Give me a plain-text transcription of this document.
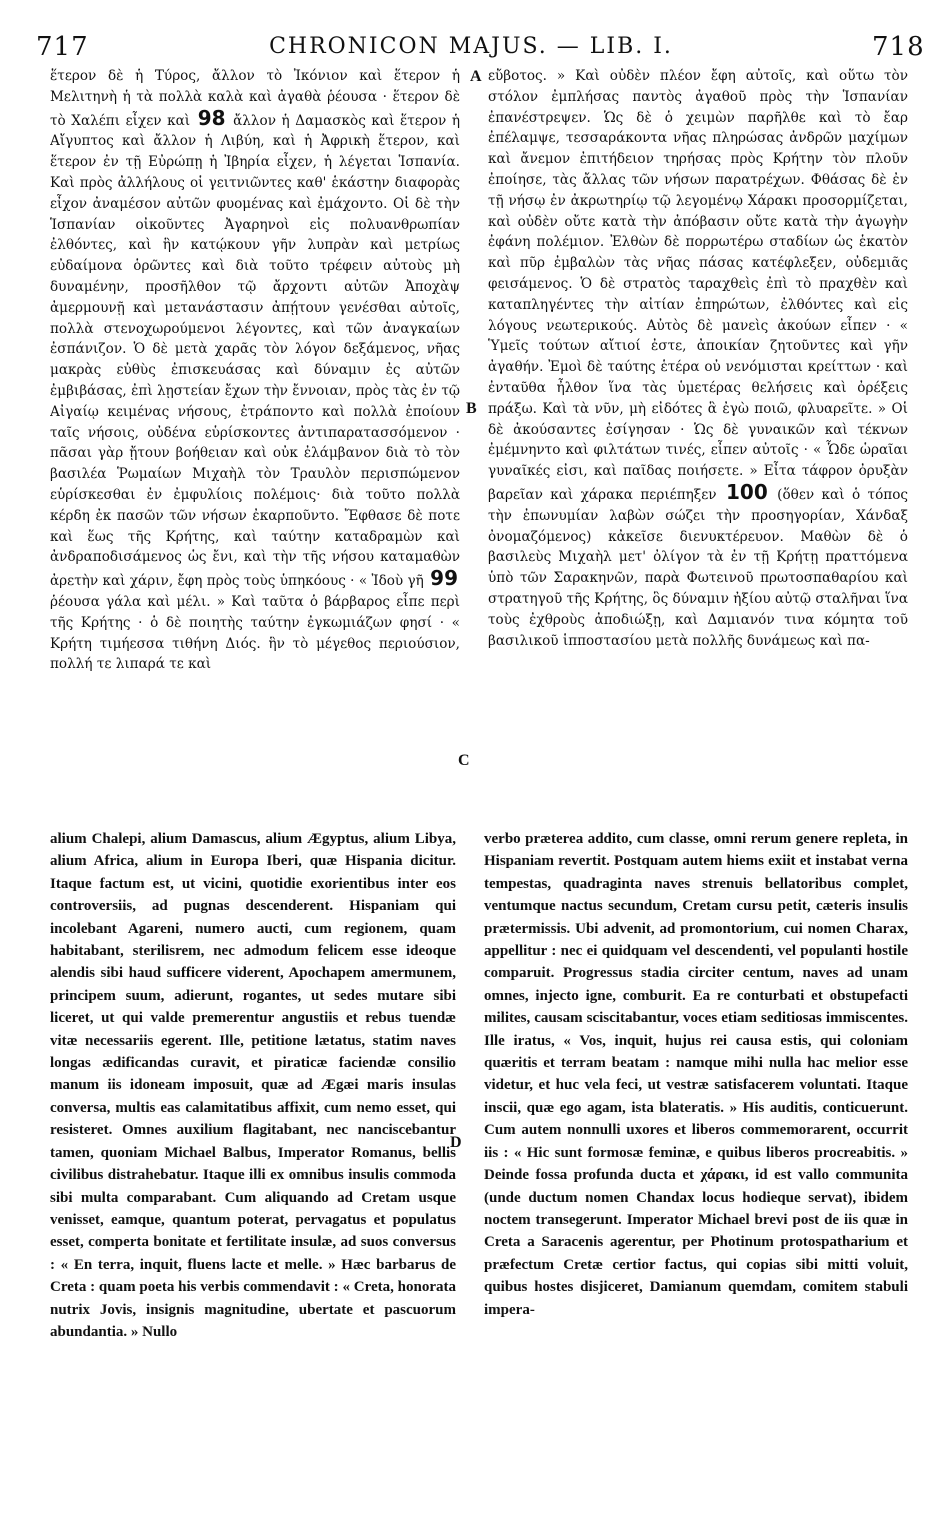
717	CHRONICON MAJUS. — LIB. I.	718
A
B
C
D
ἕτερον δὲ ἡ Τύρος, ἄλλον τὸ Ἰκόνιον καὶ ἕτερον ἡ Μελιτηνὴ ἡ τὰ πολλὰ καλὰ καὶ ἀγαθὰ ῥέουσα · ἕτερον δὲ τὸ Χαλέπι εἶχεν καὶ 98 ἄλλον ἡ Δαμασκὸς καὶ ἕτερον ἡ Αἴγυπτος καὶ ἄλλον ἡ Λιβύη, καὶ ἡ Ἀφρικὴ ἕτερον, καὶ ἕτερον ἐν τῇ Εὐρώπῃ ἡ Ἰβηρία εἶχεν, ἡ λέγεται Ἱσπανία. Καὶ πρὸς ἀλλήλους οἱ γειτνιῶντες καθ' ἑκάστην διαφορὰς εἶχον ἀναμέσον αὐτῶν φυομένας καὶ ἐμάχοντο. Οἱ δὲ τὴν Ἱσπανίαν οἰκοῦντες Ἀγαρηνοὶ εἰς πολυανθρωπίαν ἐλθόντες, καὶ ἣν κατῴκουν γῆν λυπρὰν καὶ μετρίως εὐδαίμονα ὁρῶντες καὶ διὰ τοῦτο τρέφειν αὐτοὺς μὴ δυναμένην, προσῆλθον τῷ ἄρχοντι αὐτῶν Ἀποχὰψ ἀμερμουνῇ καὶ μετανάστασιν ἀπῄτουν γενέσθαι αὐτοῖς, πολλὰ στενοχωρούμενοι λέγοντες, καὶ τῶν ἀναγκαίων ἐσπάνιζον. Ὁ δὲ μετὰ χαρᾶς τὸν λόγον δεξάμενος, νῆας μακρὰς εὐθὺς ἐπισκευάσας καὶ δύναμιν ἐς αὐτῶν ἐμβιβάσας, ἐπὶ λῃστείαν ἔχων τὴν ἔννοιαν, πρὸς τὰς ἐν τῷ Αἰγαίῳ κειμένας νήσους, ἐτράποντο καὶ πολλὰ ἐποίουν ταῖς νήσοις, οὐδένα εὑρίσκοντες ἀντιπαρατασσόμενον · πᾶσαι γὰρ ᾔτουν βοήθειαν καὶ οὐκ ἐλάμβανον διὰ τὸ τὸν βασιλέα Ῥωμαίων Μιχαὴλ τὸν Τραυλὸν περισπώμενον εὑρίσκεσθαι ἐν ἐμφυλίοις πολέμοις· διὰ τοῦτο πολλὰ κέρδη ἐκ πασῶν τῶν νήσων ἐκαρποῦντο. Ἔφθασε δὲ ποτε καὶ ἕως τῆς Κρήτης, καὶ ταύτην καταδραμὼν καὶ ἀνδραποδισάμενος ὡς ἔνι, καὶ τὴν τῆς νήσου καταμαθὼν ἀρετὴν καὶ χάριν, ἔφη πρὸς τοὺς ὑπηκόους · « Ἰδοὺ γῆ 99 ῥέουσα γάλα καὶ μέλι. » Καὶ ταῦτα ὁ βάρβαρος εἶπε περὶ τῆς Κρήτης · ὁ δὲ ποιητὴς ταύτην ἐγκωμιάζων φησί · « Κρήτη τιμήεσσα τιθήνη Διός. ἣν τὸ μέγεθος περιούσιον, πολλή τε λιπαρά τε καὶ
εὔβοτος. » Καὶ οὐδὲν πλέον ἔφη αὐτοῖς, καὶ οὕτω τὸν στόλον ἐμπλήσας παντὸς ἀγαθοῦ πρὸς τὴν Ἱσπανίαν ἐπανέστρεψεν. Ὡς δὲ ὁ χειμὼν παρῆλθε καὶ τὸ ἔαρ ἐπέλαμψε, τεσσαράκοντα νῆας πληρώσας ἀνδρῶν μαχίμων καὶ ἄνεμον ἐπιτήδειον τηρήσας πρὸς Κρήτην τὸν πλοῦν ἐποίησε, τὰς ἄλλας τῶν νήσων παρατρέχων. Φθάσας δὲ ἐν τῇ νήσῳ ἐν ἀκρωτηρίῳ τῷ λεγομένῳ Χάρακι προσορμίζεται, καὶ οὐδὲν οὔτε κατὰ τὴν ἀπόβασιν οὔτε κατὰ τὴν ἀγωγὴν ἐφάνη πολέμιον. Ἐλθὼν δὲ πορρωτέρω σταδίων ὡς ἑκατὸν καὶ πῦρ ἐμβαλὼν τὰς νῆας πάσας κατέφλεξεν, οὐδεμιᾶς φεισάμενος. Ὁ δὲ στρατὸς ταραχθεὶς ἐπὶ τὸ πραχθὲν καὶ καταπληγέντες τὴν αἰτίαν ἐπηρώτων, ἐλθόντες καὶ εἰς λόγους νεωτερικούς. Αὐτὸς δὲ μανεὶς ἀκούων εἶπεν · « Ὑμεῖς τούτων αἴτιοί ἐστε, ἀποικίαν ζητοῦντες καὶ γῆν ἀγαθήν. Ἐμοὶ δὲ ταύτης ἑτέρα οὐ νενόμισται κρείττων · καὶ ἐνταῦθα ἦλθον ἵνα τὰς ὑμετέρας θελήσεις καὶ ὀρέξεις πράξω. Καὶ τὰ νῦν, μὴ εἰδότες ἃ ἐγὼ ποιῶ, φλυαρεῖτε. » Οἱ δὲ ἀκούσαντες ἐσίγησαν · Ὡς δὲ γυναικῶν καὶ τέκνων ἐμέμνηντο καὶ φιλτάτων τινές, εἶπεν αὐτοῖς · « Ὧδε ὡραῖαι γυναῖκές εἰσι, καὶ παῖδας ποιήσετε. » Εἶτα τάφρον ὀρυξὰν βαρεῖαν καὶ χάρακα περιέπηξεν 100 (ὅθεν καὶ ὁ τόπος τὴν ἐπωνυμίαν λαβὼν σώζει τὴν προσηγορίαν, Χάνδαξ ὀνομαζόμενος) κἀκεῖσε διενυκτέρευον. Μαθὼν δὲ ὁ βασιλεὺς Μιχαὴλ μετ' ὀλίγον τὰ ἐν τῇ Κρήτῃ πραττόμενα ὑπὸ τῶν Σαρακηνῶν, παρὰ Φωτεινοῦ πρωτοσπαθαρίου καὶ στρατηγοῦ τῆς Κρήτης, ὃς δύναμιν ἠξίου αὐτῷ σταλῆναι ἵνα τοὺς ἐχθροὺς ἀποδιώξῃ, καὶ Δαμιανόν τινα κόμητα τοῦ βασιλικοῦ ἱπποστασίου μετὰ πολλῆς δυνάμεως καὶ πα-
alium Chalepi, alium Damascus, alium Ægyptus, alium Libya, alium Africa, alium in Europa Iberi, quæ Hispania dicitur. Itaque factum est, ut vicini, quotidie exorientibus inter eos controversiis, ad pugnas descenderent. Hispaniam qui incolebant Agareni, numero aucti, cum regionem, quam habitabant, sterilisrem, nec admodum felicem esse ideoque alendis sibi haud sufficere viderent, Apochapem amermunem, principem suum, adierunt, rogantes, ut sedes mutare sibi liceret, ut qui valde premerentur angustiis et rebus tuendæ vitæ necessariis egerent. Ille, petitione lætatus, statim naves longas ædificandas curavit, et piraticæ faciendæ consilio manum iis idoneam imposuit, quæ ad Ægæi maris insulas conversa, multis eas calamitatibus affixit, cum nemo esset, qui resisteret. Omnes auxilium flagitabant, nec nanciscebantur tamen, quoniam Michael Balbus, Imperator Romanus, bellis civilibus distrahebatur. Itaque illi ex omnibus insulis commoda sibi multa comparabant. Cum aliquando ad Cretam usque venisset, eamque, quantum poterat, pervagatus et populatus esset, comperta bonitate et fertilitate insulæ, ad suos conversus : « En terra, inquit, fluens lacte et melle. » Hæc barbarus de Creta : quam poeta his verbis commendavit : « Creta, honorata nutrix Jovis, insignis magnitudine, ubertate et pascuorum abundantia. » Nullo
verbo præterea addito, cum classe, omni rerum genere repleta, in Hispaniam revertit. Postquam autem hiems exiit et instabat verna tempestas, quadraginta naves strenuis bellatoribus complet, ventumque nactus secundum, Cretam cursu petit, cæteris insulis prætermissis. Ubi advenit, ad promontorium, cui nomen Charax, appellitur : nec ei quidquam vel descendenti, vel populanti hostile comparuit. Progressus stadia circiter centum, naves ad unam omnes, injecto igne, comburit. Ea re conturbati et obstupefacti milites, causam sciscitabantur, voces etiam seditiosas immiscentes. Ille iratus, « Vos, inquit, hujus rei causa estis, qui coloniam quæritis et terram beatam : namque mihi nulla hac melior esse videtur, et huc vela feci, ut vestræ satisfacerem voluntati. Itaque inscii, quæ ego agam, ista blateratis. » His auditis, conticuerunt. Cum autem nonnulli uxores et liberos commemorarent, occurrit iis : « Hic sunt formosæ feminæ, e quibus liberos procreabitis. » Deinde fossa profunda ducta et χάρακι, id est vallo communita (unde ductum nomen Chandax locus hodieque servat), ibidem noctem transegerunt. Imperator Michael brevi post de iis quæ in Creta a Saracenis agerentur, per Photinum protospatharium et præfectum Cretæ certior factus, qui copias sibi mitti voluit, quibus hostes disjiceret, Damianum quemdam, comitem stabuli impera-
